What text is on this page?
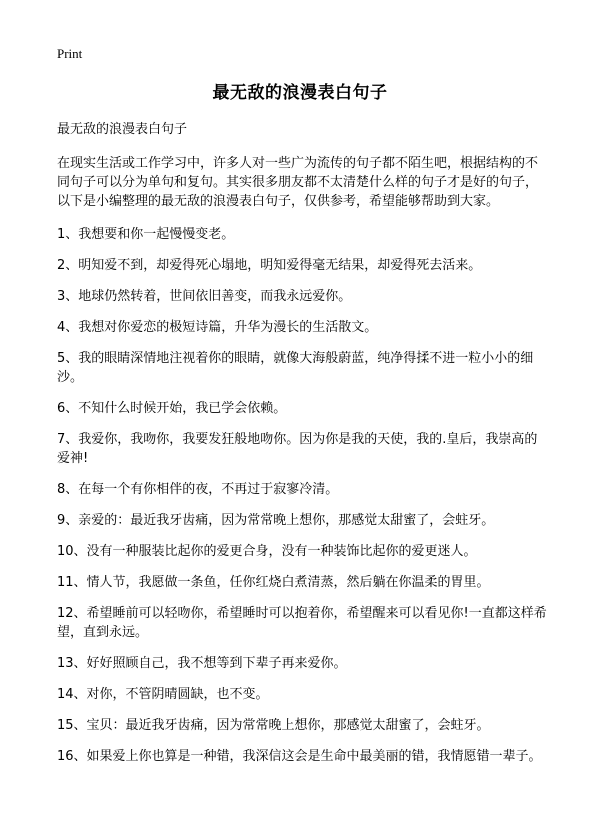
Print
最无敌的浪漫表白句子

最无敌的浪漫表白句子

在现实生活或工作学习中，许多人对一些广为流传的句子都不陌生吧，根据结构的不同句子可以分为单句和复句。其实很多朋友都不太清楚什么样的句子才是好的句子，以下是小编整理的最无敌的浪漫表白句子，仅供参考，希望能够帮助到大家。

1、我想要和你一起慢慢变老。
2、明知爱不到，却爱得死心塌地，明知爱得毫无结果，却爱得死去活来。
3、地球仍然转着，世间依旧善变，而我永远爱你。
4、我想对你爱恋的极短诗篇，升华为漫长的生活散文。
5、我的眼睛深情地注视着你的眼睛，就像大海般蔚蓝，纯净得揉不进一粒小小的细沙。
6、不知什么时候开始，我已学会依赖。
7、我爱你，我吻你，我要发狂般地吻你。因为你是我的天使，我的.皇后，我崇高的爱神!
8、在每一个有你相伴的夜，不再过于寂寥冷清。
9、亲爱的：最近我牙齿痛，因为常常晚上想你，那感觉太甜蜜了，会蛀牙。
10、没有一种服装比起你的爱更合身，没有一种装饰比起你的爱更迷人。
11、情人节，我愿做一条鱼，任你红烧白煮清蒸，然后躺在你温柔的胃里。
12、希望睡前可以轻吻你，希望睡时可以抱着你，希望醒来可以看见你!一直都这样希望，直到永远。
13、好好照顾自己，我不想等到下辈子再来爱你。
14、对你，不管阴晴圆缺，也不变。
15、宝贝：最近我牙齿痛，因为常常晚上想你，那感觉太甜蜜了，会蛀牙。
16、如果爱上你也算是一种错，我深信这会是生命中最美丽的错，我情愿错一辈子。
